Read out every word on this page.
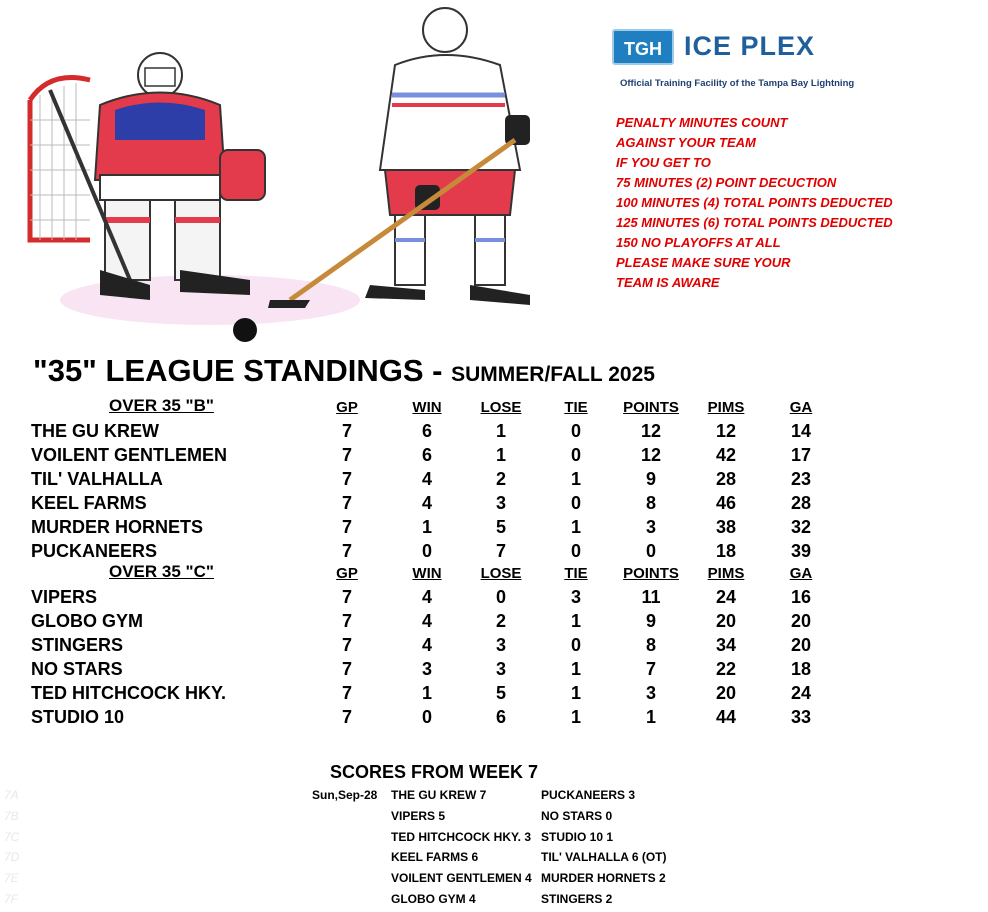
TGH ICE PLEX
Official Training Facility of the Tampa Bay Lightning
PENALTY MINUTES COUNT
AGAINST YOUR TEAM
IF YOU GET TO
75 MINUTES (2) POINT DECUCTION
100 MINUTES (4) TOTAL POINTS DEDUCTED
125 MINUTES (6) TOTAL POINTS DEDUCTED
150 NO PLAYOFFS AT ALL
PLEASE MAKE SURE YOUR
TEAM IS AWARE
"35" LEAGUE STANDINGS - SUMMER/FALL 2025
OVER 35 "B"	GP	WIN	LOSE	TIE POINTS PIMS	GA
THE GU KREW	7	6	1	0	12	12	14
VOILENT GENTLEMEN	7	6	1	0	12	42	17
TIL' VALHALLA	7	4	2	1	9	28	23
KEEL FARMS	7	4	3	0	8	46	28
MURDER HORNETS	7	1	5	1	3	38	32
PUCKANEERS	7	0	7	0	0	18	39
OVER 35 "C"	GP	WIN	LOSE	TIE POINTS PIMS	GA
VIPERS	7	4	0	3	11	24	16
GLOBO GYM	7	4	2	1	9	20	20
STINGERS	7	4	3	0	8	34	20
NO STARS	7	3	3	1	7	22	18
TED HITCHCOCK HKY.	7	1	5	1	3	20	24
STUDIO 10	7	0	6	1	1	44	33
SCORES FROM WEEK 7
7A	Sun,Sep-28 THE GU KREW 7	PUCKANEERS 3
7B	VIPERS 5	NO STARS 0
7C	TED HITCHCOCK HKY. 3 STUDIO 10 1
7D	KEEL FARMS 6	TIL' VALHALLA 6 (OT)
7E	VOILENT GENTLEMEN 4 MURDER HORNETS 2
7F	GLOBO GYM 4	STINGERS 2
